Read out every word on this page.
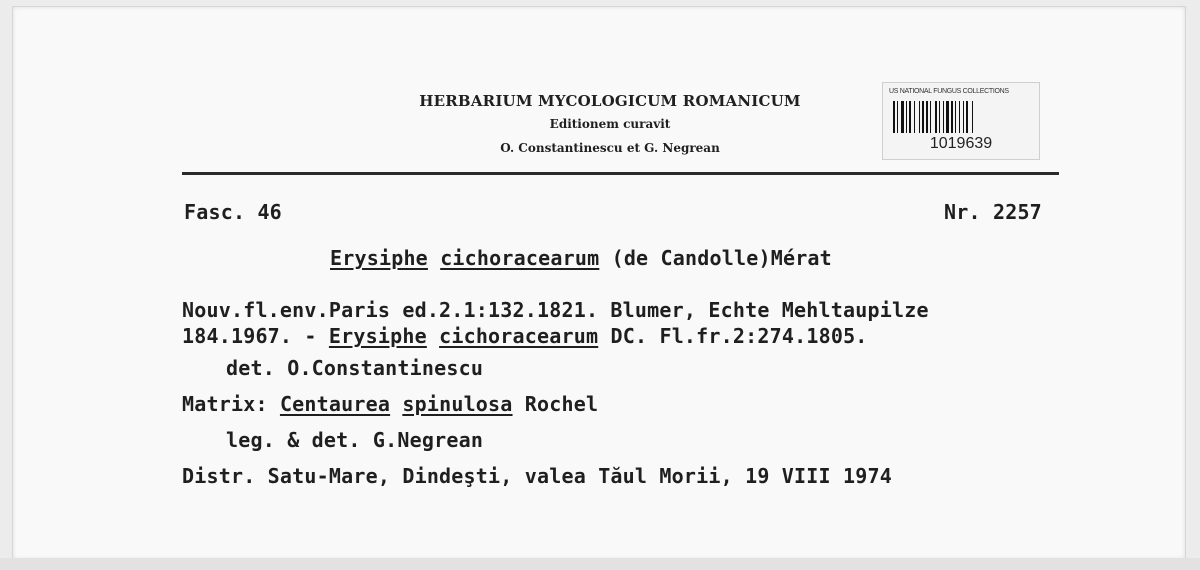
HERBARIUM MYCOLOGICUM ROMANICUM
Editionem curavit
O. Constantinescu et G. Negrean
US NATIONAL FUNGUS COLLECTIONS
1019639
Fasc. 46	Nr. 2257
Erysiphe cichoracearum (de Candolle)Mérat
Nouv.fl.env.Paris ed.2.1:132.1821. Blumer, Echte Mehltaupilze
184.1967. - Erysiphe cichoracearum DC. Fl.fr.2:274.1805.
det. O.Constantinescu
Matrix: Centaurea spinulosa Rochel
leg. & det. G.Negrean
Distr. Satu-Mare, Dindeşti, valea Tăul Morii, 19 VIII 1974
